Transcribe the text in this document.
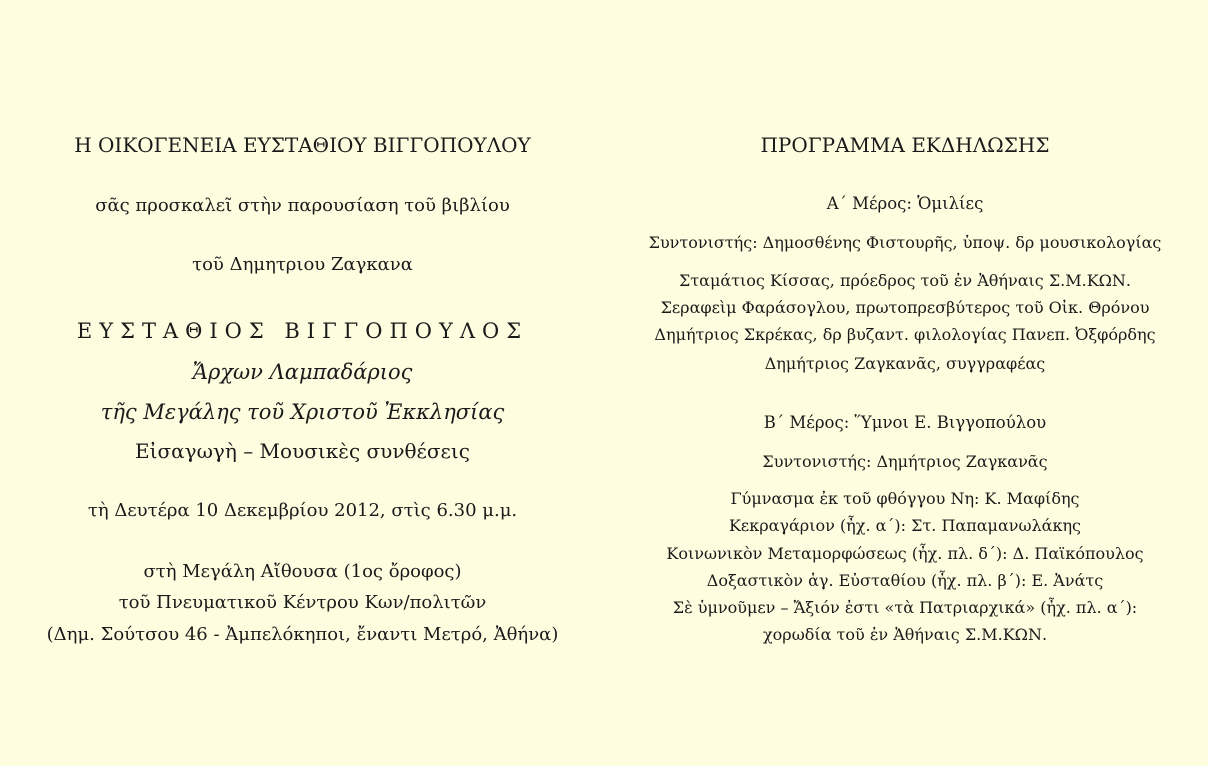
Η ΟΙΚΟΓΕΝΕΙΑ ΕΥΣΤΑΘΙΟΥ ΒΙΓΓΟΠΟΥΛΟΥ
σᾶς προσκαλεῖ στὴν παρουσίαση τοῦ βιβλίου
τοῦ Δημητριου Ζαγκανα
ΕΥΣΤΑΘΙΟΣ ΒΙΓΓΟΠΟΥΛΟΣ
Ἄρχων Λαμπαδάριος
τῆς Μεγάλης τοῦ Χριστοῦ Ἐκκλησίας
Εἰσαγωγὴ – Μουσικὲς συνθέσεις
τὴ Δευτέρα 10 Δεκεμβρίου 2012, στὶς 6.30 μ.μ.
στὴ Μεγάλη Αἴθουσα (1ος ὄροφος)
τοῦ Πνευματικοῦ Κέντρου Κων/πολιτῶν
(Δημ. Σούτσου 46 - Ἀμπελόκηποι, ἔναντι Μετρό, Ἀθήνα)
ΠΡΟΓΡΑΜΜΑ ΕΚΔΗΛΩΣΗΣ
Α΄ Μέρος: Ὁμιλίες
Συντονιστής: Δημοσθένης Φιστουρῆς, ὑποψ. δρ μουσικολογίας
Σταμάτιος Κίσσας, πρόεδρος τοῦ ἐν Ἀθήναις Σ.Μ.ΚΩΝ.
Σεραφεὶμ Φαράσογλου, πρωτοπρεσβύτερος τοῦ Οἰκ. Θρόνου
Δημήτριος Σκρέκας, δρ βυζαντ. φιλολογίας Πανεπ. Ὀξφόρδης
Δημήτριος Ζαγκανᾶς, συγγραφέας
Β΄ Μέρος: Ὕμνοι Ε. Βιγγοπούλου
Συντονιστής: Δημήτριος Ζαγκανᾶς
Γύμνασμα ἐκ τοῦ φθόγγου Νη: Κ. Μαφίδης
Κεκραγάριον (ἦχ. α΄): Στ. Παπαμανωλάκης
Κοινωνικὸν Μεταμορφώσεως (ἦχ. πλ. δ΄): Δ. Παϊκόπουλος
Δοξαστικὸν ἁγ. Εὐσταθίου (ἦχ. πλ. β΄): Ε. Ἀνάτς
Σὲ ὑμνοῦμεν – Ἄξιόν ἐστι «τὰ Πατριαρχικά» (ἦχ. πλ. α΄):
χορωδία τοῦ ἐν Ἀθήναις Σ.Μ.ΚΩΝ.
